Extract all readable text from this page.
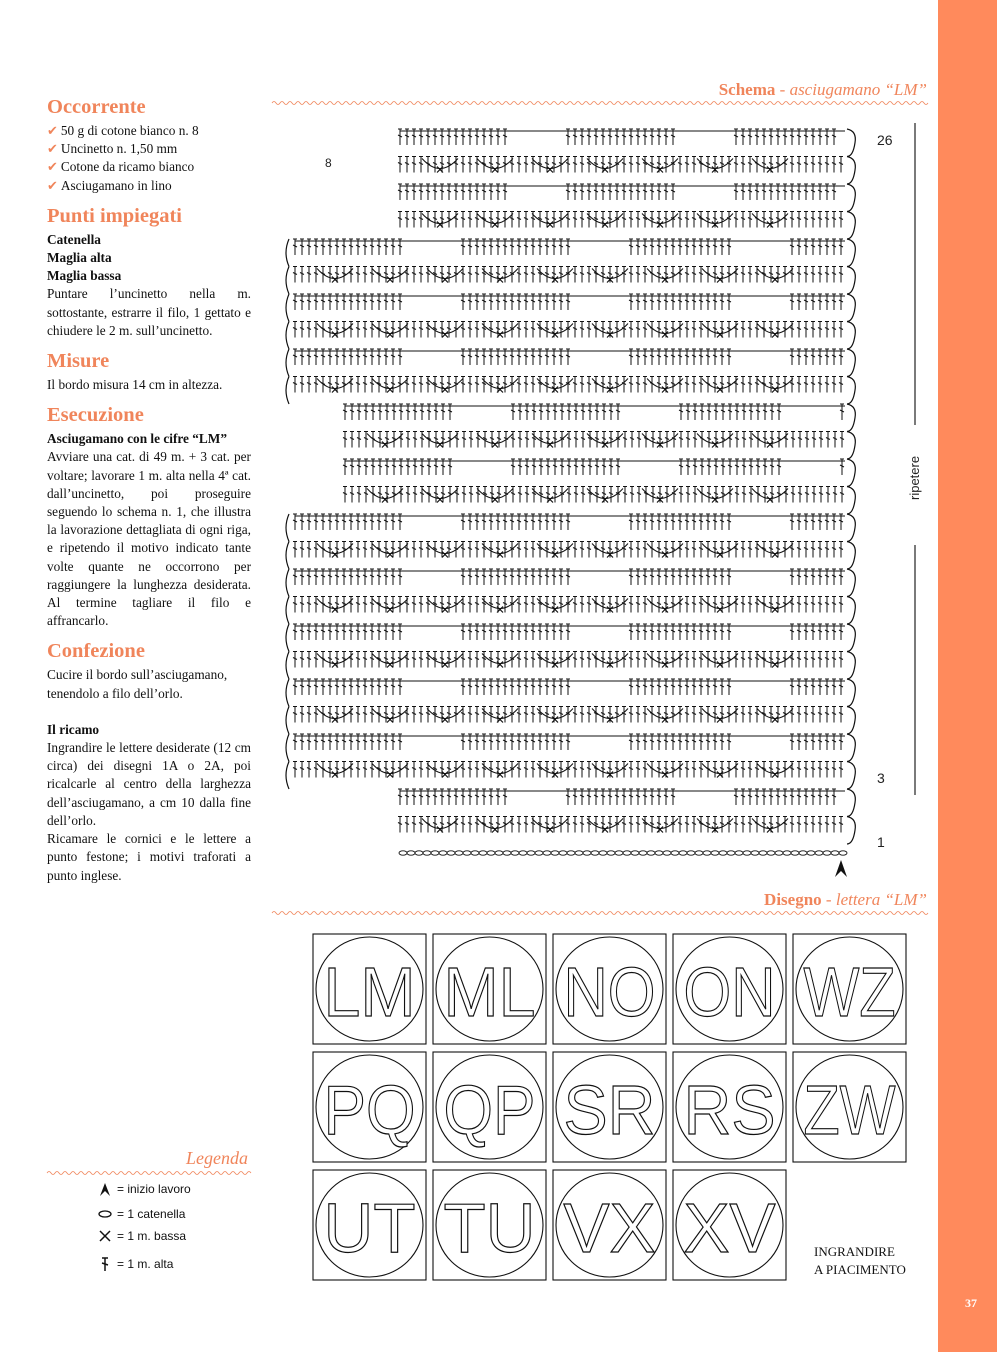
37
Occorrente
✔ 50 g di cotone bianco n. 8
✔ Uncinetto n. 1,50 mm
✔ Cotone da ricamo bianco
✔ Asciugamano in lino
Punti impiegati
Catenella
Maglia alta
Maglia bassa
Puntare l’uncinetto nella m. sottostante, estrarre il filo, 1 gettato e chiudere le 2 m. sull’uncinetto.
Misure
Il bordo misura 14 cm in altezza.
Esecuzione
Asciugamano con le cifre “LM”
Avviare una cat. di 49 m. + 3 cat. per voltare; lavorare 1 m. alta nella 4ª cat. dall’uncinetto, poi proseguire seguendo lo schema n. 1, che illustra la lavorazione dettagliata di ogni riga, e ripetendo il motivo indicato tante volte quante ne occorrono per raggiungere la lunghezza desiderata. Al termine tagliare il filo e affrancarlo.
Confezione
Cucire il bordo sull’asciugamano, tenendolo a filo dell’orlo.
Il ricamo
Ingrandire le lettere desiderate (12 cm circa) dei disegni 1A o 2A, poi ricalcarle al centro della larghezza dell’asciugamano, a cm 10 dalla fine dell’orlo.
Ricamare le cornici e le lettere a punto festone; i motivi traforati a punto inglese.
Legenda
= inizio lavoro
= 1 catenella
= 1 m. bassa
= 1 m. alta
Schema - asciugamano “LM”
26
3
1
8
ripetere
Disegno - lettera “LM”
LM ML NO ON WZ
PQ QP SR RS ZW
UT TU VX XV	INGRANDIRE
A PIACIMENTO
